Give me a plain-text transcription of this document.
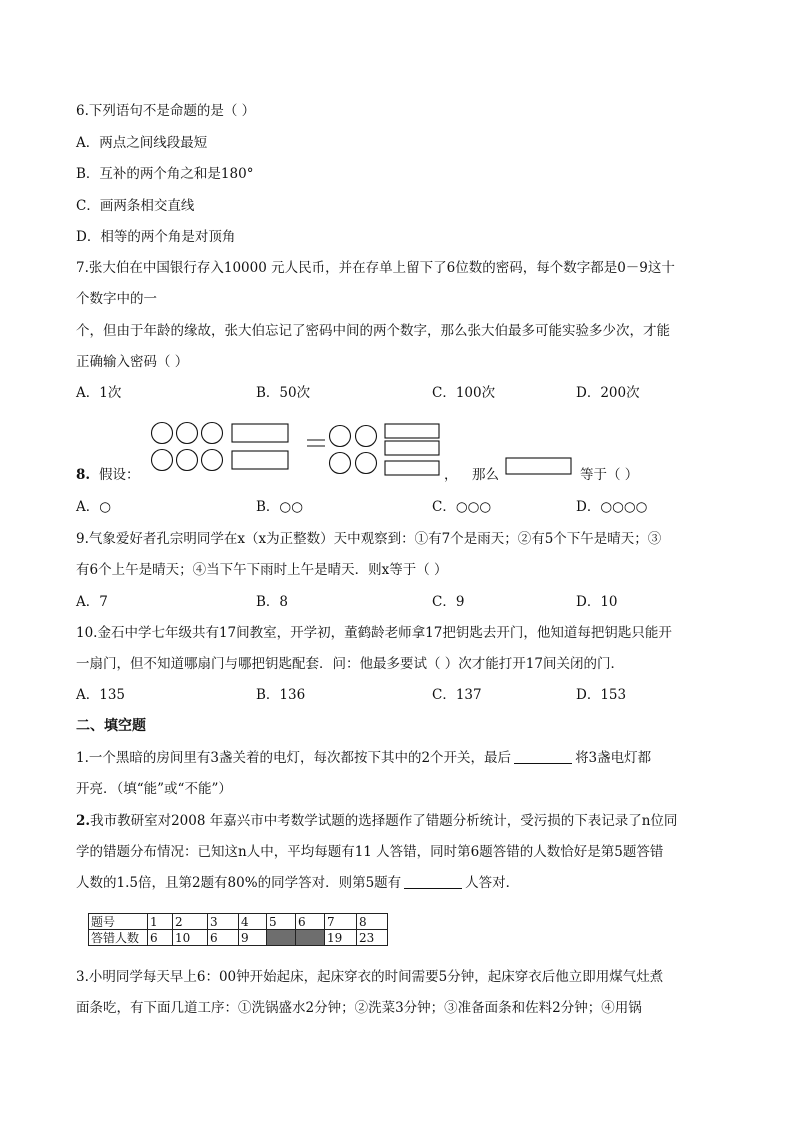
6.下列语句不是命题的是（ ）
A．两点之间线段最短
B．互补的两个角之和是180°
C．画两条相交直线
D．相等的两个角是对顶角
7.张大伯在中国银行存入10000 元人民币，并在存单上留下了6位数的密码，每个数字都是0－9这十
个数字中的一
个，但由于年龄的缘故，张大伯忘记了密码中间的两个数字，那么张大伯最多可能实验多少次，才能
正确输入密码（ ）
A．1次	B．50次	C．100次	D．200次
8. 假设：	， 那么	等于（ ）
A．○	B．○○	C．○○○	D．○○○○
9.气象爱好者孔宗明同学在x（x为正整数）天中观察到：①有7个是雨天；②有5个下午是晴天；③
有6个上午是晴天；④当下午下雨时上午是晴天．则x等于（ ）
A．7	B．8	C．9	D．10
10.金石中学七年级共有17间教室，开学初，董鹤龄老师拿17把钥匙去开门，他知道每把钥匙只能开
一扇门，但不知道哪扇门与哪把钥匙配套．问：他最多要试（ ）次才能打开17间关闭的门．
A．135	B．136	C．137	D．153
二、填空题
1.一个黑暗的房间里有3盏关着的电灯，每次都按下其中的2个开关，最后	将3盏电灯都
开亮．（填“能”或“不能”）
2.我市教研室对2008 年嘉兴市中考数学试题的选择题作了错题分析统计，受污损的下表记录了n位同
学的错题分布情况：已知这n人中，平均每题有11 人答错，同时第6题答错的人数恰好是第5题答错
人数的1.5倍，且第2题有80%的同学答对．则第5题有	人答对．
题号	1	2	3	4	5	6	7	8
答错人数	6	10	6	9			19	23
3.小明同学每天早上6：00钟开始起床，起床穿衣的时间需要5分钟，起床穿衣后他立即用煤气灶煮
面条吃，有下面几道工序：①洗锅盛水2分钟；②洗菜3分钟；③准备面条和佐料2分钟；④用锅
